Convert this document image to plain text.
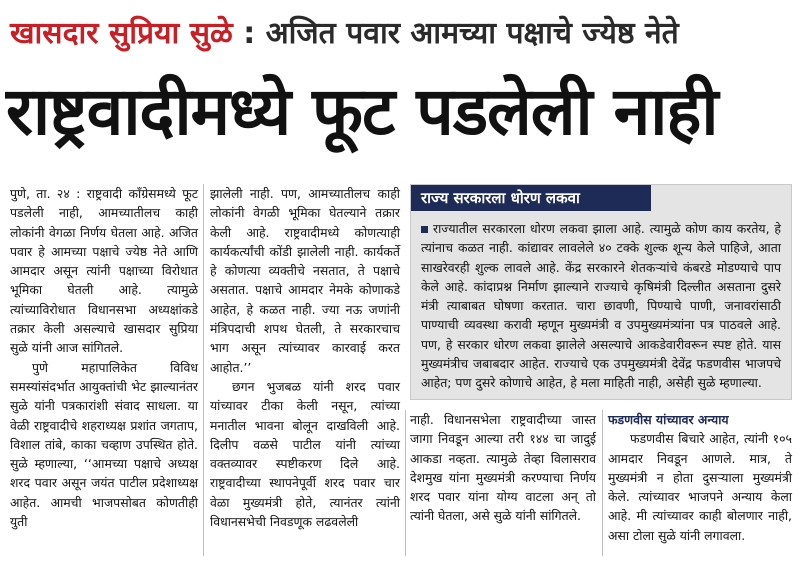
खासदार सुप्रिया सुळे : अजित पवार आमच्या पक्षाचे ज्येष्ठ नेते
राष्ट्रवादीमध्ये फूट पडलेली नाही

पुणे, ता. २४ : राष्ट्रवादी काँग्रेसमध्ये फूट पडलेली नाही, आमच्यातीलच काही लोकांनी वेगळा निर्णय घेतला आहे. अजित पवार हे आमच्या पक्षाचे ज्येष्ठ नेते आणि आमदार असून त्यांनी पक्षाच्या विरोधात भूमिका घेतली आहे. त्यामुळे त्यांच्याविरोधात विधानसभा अध्यक्षांकडे तक्रार केली असल्याचे खासदार सुप्रिया सुळे यांनी आज सांगितले.

पुणे महापालिकेत विविध समस्यांसंदर्भात आयुक्तांची भेट झाल्यानंतर सुळे यांनी पत्रकारांशी संवाद साधला. या वेळी राष्ट्रवादीचे शहराध्यक्ष प्रशांत जगताप, विशाल तांबे, काका चव्हाण उपस्थित होते. सुळे म्हणाल्या, ‘‘आमच्या पक्षाचे अध्यक्ष शरद पवार असून जयंत पाटील प्रदेशाध्यक्ष आहेत. आमची भाजपसोबत कोणतीही युती

झालेली नाही. पण, आमच्यातीलच काही लोकांनी वेगळी भूमिका घेतल्याने तक्रार केली आहे. राष्ट्रवादीमध्ये कोणत्याही कार्यकर्त्यांची कोंडी झालेली नाही. कार्यकर्ते हे कोणत्या व्यक्तीचे नसतात, ते पक्षाचे असतात. पक्षाचे आमदार नेमके कोणाकडे आहेत, हे कळत नाही. ज्या नऊ जणांनी मंत्रिपदाची शपथ घेतली, ते सरकारचाच भाग असून त्यांच्यावर कारवाई करत आहोत.’’

छगन भुजबळ यांनी शरद पवार यांच्यावर टीका केली नसून, त्यांच्या मनातील भावना बोलून दाखविली आहे. दिलीप वळसे पाटील यांनी त्यांच्या वक्तव्यावर स्पष्टीकरण दिले आहे. राष्ट्रवादीच्या स्थापनेपूर्वी शरद पवार चार वेळा मुख्यमंत्री होते, त्यानंतर त्यांनी विधानसभेची निवडणूक लढवलेली

राज्य सरकारला धोरण लकवा
राज्यातील सरकारला धोरण लकवा झाला आहे. त्यामुळे कोण काय करतेय, हे त्यांनाच कळत नाही. कांद्यावर लावलेले ४० टक्के शुल्क शून्य केले पाहिजे, आता साखरेवरही शुल्क लावले आहे. केंद्र सरकारने शेतकऱ्यांचे कंबरडे मोडण्याचे पाप केले आहे. कांदाप्रश्न निर्माण झाल्याने राज्याचे कृषिमंत्री दिल्लीत असताना दुसरे मंत्री त्याबाबत घोषणा करतात. चारा छावणी, पिण्याचे पाणी, जनावरांसाठी पाण्याची व्यवस्था करावी म्हणून मुख्यमंत्री व उपमुख्यमंत्र्यांना पत्र पाठवले आहे. पण, हे सरकार धोरण लकवा झालेले असल्याचे आकडेवारीवरून स्पष्ट होते. यास मुख्यमंत्रीच जबाबदार आहेत. राज्याचे एक उपमुख्यमंत्री देवेंद्र फडणवीस भाजपचे आहेत; पण दुसरे कोणाचे आहेत, हे मला माहिती नाही, असेही सुळे म्हणाल्या.

नाही. विधानसभेला राष्ट्रवादीच्या जास्त जागा निवडून आल्या तरी १४४ चा जादुई आकडा नव्हता. त्यामुळे तेव्हा विलासराव देशमुख यांना मुख्यमंत्री करण्याचा निर्णय शरद पवार यांना योग्य वाटला अन्‌ तो त्यांनी घेतला, असे सुळे यांनी सांगितले.

फडणवीस यांच्यावर अन्याय

फडणवीस बिचारे आहेत, त्यांनी १०५ आमदार निवडून आणले. मात्र, ते मुख्यमंत्री न होता दुसऱ्याला मुख्यमंत्री केले. त्यांच्यावर भाजपने अन्याय केला आहे. मी त्यांच्यावर काही बोलणार नाही, असा टोला सुळे यांनी लगावला.
